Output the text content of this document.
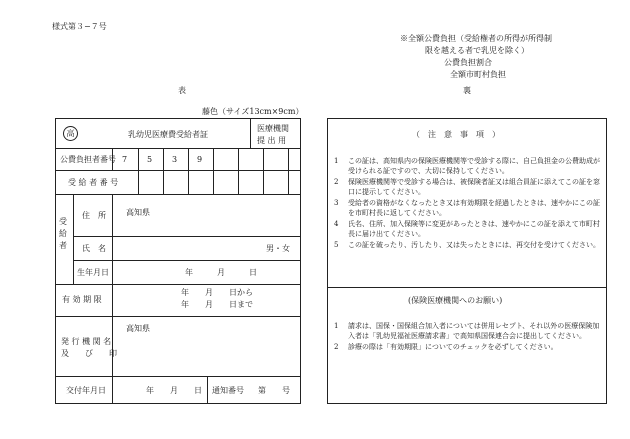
様式第３−７号
※全額公費負担（受給権者の所得が所得制
限を越える者で乳児を除く）
公費負担割合
全額市町村負担
表	裏
藤色（サイズ13cm×9cm）
高	乳幼児医療費受給者証
医療機関
提 出 用
公費負担者番号 7 5 3 9
受 給 者 番 号
受給者
住　所	高知県
氏　名	男・女
生年月日	年　　　月　　　日
有 効 期 限
年　　月　　日から
年　　月　　日まで
発 行 機 関 名
及　　び　　印
高知県
交付年月日	年　　月　　日 通知番号 第　　号
（　注　意　事　項　）
1 この証は、高知県内の保険医療機関等で受診する際に、自己負担金の公費助成が受けられる証ですので、大切に保持してください。
2 保険医療機関等で受診する場合は、被保険者証又は組合員証に添えてこの証を窓口に提示してください。
3 受給者の資格がなくなったとき又は有効期限を経過したときは、速やかにこの証を市町村長に返してください。
4 氏名、住所、加入保険等に変更があったときは、速やかにこの証を添えて市町村長に届け出てください。
5 この証を破ったり、汚したり、又は失ったときには、再交付を受けてください。
(保険医療機関へのお願い)
1 請求は、国保・国保組合加入者については併用レセプト、それ以外の医療保険加入者は「乳幼児福祉医療請求書」で高知県国保連合会に提出してください。
2 診療の際は「有効期限」についてのチェックを必ずしてください。
